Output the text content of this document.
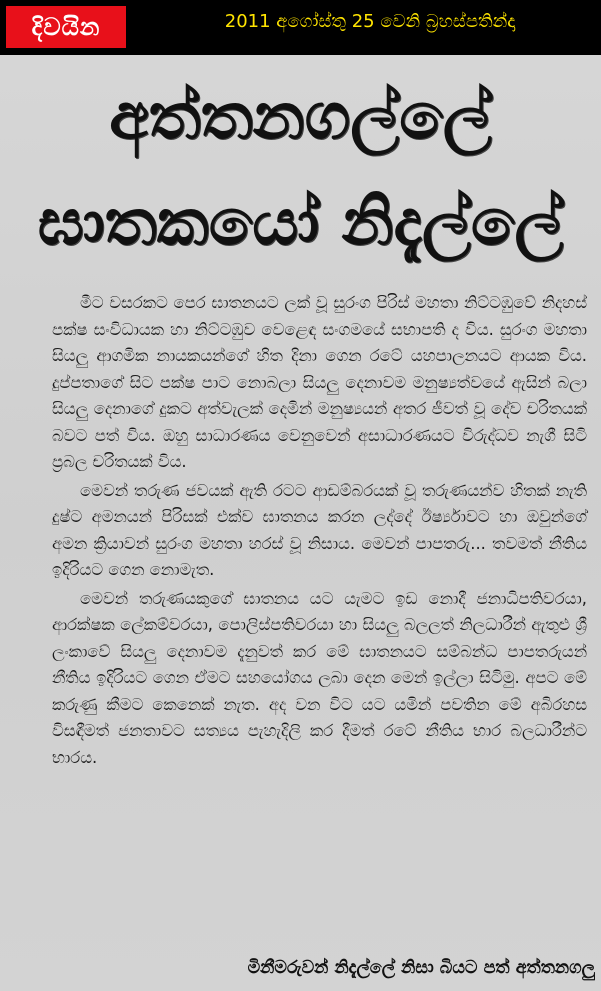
දිවයින	2011 අගෝස්තු 25 වෙනි බ්‍රහස්පතින්දා
අත්තනගල්ලේ
ඝාතකයෝ නිදැල්ලේ

මීට වසරකට පෙර ඝාතනයට ලක් වූ සුරංග පිරිස් මහතා නිට්ටඹුවේ නිදහස් පක්ෂ සංවිධායක හා නිට්ටඹුව වෙළෙඳ සංගමයේ සභාපති ද විය. සුරංග මහතා සියලු ආගමික නායකයන්ගේ හිත දිනා ගෙන රටේ යහපාලනයට ආයක විය. දුප්පතාගේ සිට පක්ෂ පාට නොබලා සියලු දෙනාවම මනුෂ්‍යත්වයේ ඇසින් බලා සියලු දෙනාගේ දුකට අත්වැලක් දෙමින් මනුෂ්‍යයන් අතර ජීවත් වූ දේව චරිතයක් බවට පත් විය. ඔහු සාධාරණය වෙනුවෙන් අසාධාරණයට විරුද්ධව නැගී සිටි ප්‍රබල චරිතයක් විය.

මෙවන් තරුණ ජවයක් ඇති රටට ආඩම්බරයක් වූ තරුණයන්ව හිතක් නැති දුෂ්ට අමනයන් පිරිසක් එක්ව ඝාතනය කරන ලද්දේ ඊර්ෂ්‍යාවට හා ඔවුන්ගේ අමන ක්‍රියාවන් සුරංග මහතා හරස් වූ නිසාය. මෙවන් පාපතරු... තවමත් නීතිය ඉදිරියට ගෙන නොමැත.

මෙවන් තරුණයකුගේ ඝාතනය යට යැමට ඉඩ නොදී ජනාධිපතිවරයා, ආරක්ෂක ලේකම්වරයා, පොලිස්පතිවරයා හා සියලු බලලත් නිලධාරීන් ඇතුළු ශ්‍රී ලංකාවේ සියලු දෙනාවම දැනුවත් කර මේ ඝාතනයට සම්බන්ධ පාපතරුයන් නීතිය ඉදිරියට ගෙන ඒමට සහයෝගය ලබා දෙන මෙන් ඉල්ලා සිටිමු. අපට මේ කරුණු කීමට කෙනෙක් නැත. අද වන විට යට යමින් පවතින මේ අබිරහස විසඳීමත් ජනතාවට සත්‍යය පැහැදිලි කර දීමත් රටේ නීතිය භාර බලධාරීන්ට භාරය.

මිනීමරුවන් නිදැල්ලේ නිසා බියට පත් අත්තනගලු
